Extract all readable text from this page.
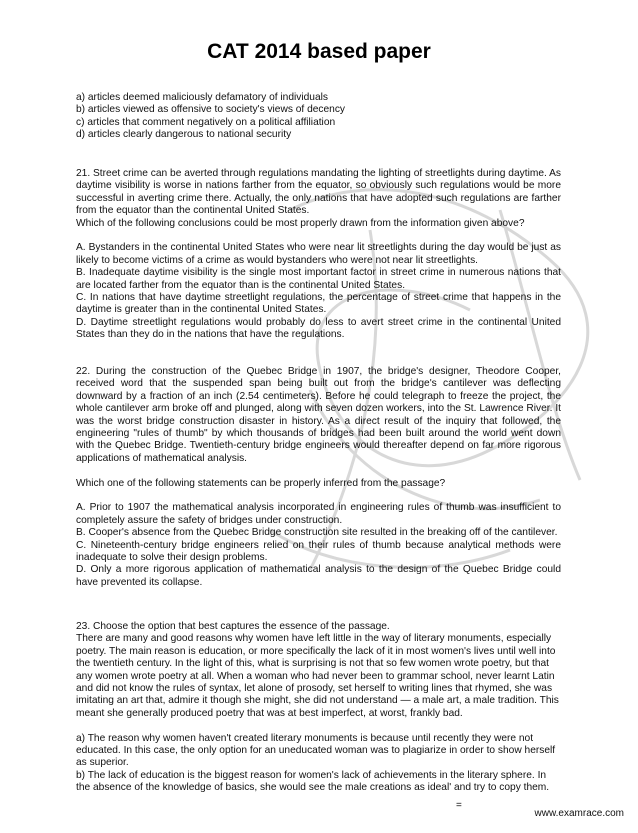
CAT 2014 based paper

a) articles deemed maliciously defamatory of individuals

b) articles viewed as offensive to society's views of decency

c) articles that comment negatively on a political affiliation

d) articles clearly dangerous to national security

21. Street crime can be averted through regulations mandating the lighting of streetlights during daytime. As daytime visibility is worse in nations farther from the equator, so obviously such regulations would be more successful in averting crime there. Actually, the only nations that have adopted such regulations are farther from the equator than the continental United States.

Which of the following conclusions could be most properly drawn from the information given above?

A. Bystanders in the continental United States who were near lit streetlights during the day would be just as likely to become victims of a crime as would bystanders who were not near lit streetlights.

B. Inadequate daytime visibility is the single most important factor in street crime in numerous nations that are located farther from the equator than is the continental United States.

C. In nations that have daytime streetlight regulations, the percentage of street crime that happens in the daytime is greater than in the continental United States.

D. Daytime streetlight regulations would probably do less to avert street crime in the continental United States than they do in the nations that have the regulations.

22. During the construction of the Quebec Bridge in 1907, the bridge's designer, Theodore Cooper, received word that the suspended span being built out from the bridge's cantilever was deflecting downward by a fraction of an inch (2.54 centimeters). Before he could telegraph to freeze the project, the whole cantilever arm broke off and plunged, along with seven dozen workers, into the St. Lawrence River. It was the worst bridge construction disaster in history. As a direct result of the inquiry that followed, the engineering "rules of thumb" by which thousands of bridges had been built around the world went down with the Quebec Bridge. Twentieth-century bridge engineers would thereafter depend on far more rigorous applications of mathematical analysis.

Which one of the following statements can be properly inferred from the passage?

A. Prior to 1907 the mathematical analysis incorporated in engineering rules of thumb was insufficient to completely assure the safety of bridges under construction.

B. Cooper's absence from the Quebec Bridge construction site resulted in the breaking off of the cantilever.

C. Nineteenth-century bridge engineers relied on their rules of thumb because analytical methods were inadequate to solve their design problems.

D. Only a more rigorous application of mathematical analysis to the design of the Quebec Bridge could have prevented its collapse.

23. Choose the option that best captures the essence of the passage.

There are many and good reasons why women have left little in the way of literary monuments, especially poetry. The main reason is education, or more specifically the lack of it in most women's lives until well into the twentieth century. In the light of this, what is surprising is not that so few women wrote poetry, but that any women wrote poetry at all. When a woman who had never been to grammar school, never learnt Latin and did not know the rules of syntax, let alone of prosody, set herself to writing lines that rhymed, she was imitating an art that, admire it though she might, she did not understand — a male art, a male tradition. This meant she generally produced poetry that was at best imperfect, at worst, frankly bad.

a) The reason why women haven't created literary monuments is because until recently they were not educated. In this case, the only option for an uneducated woman was to plagiarize in order to show herself as superior.

b) The lack of education is the biggest reason for women's lack of achievements in the literary sphere. In the absence of the knowledge of basics, she would see the male creations as ideal' and try to copy them.

=
www.examrace.com
